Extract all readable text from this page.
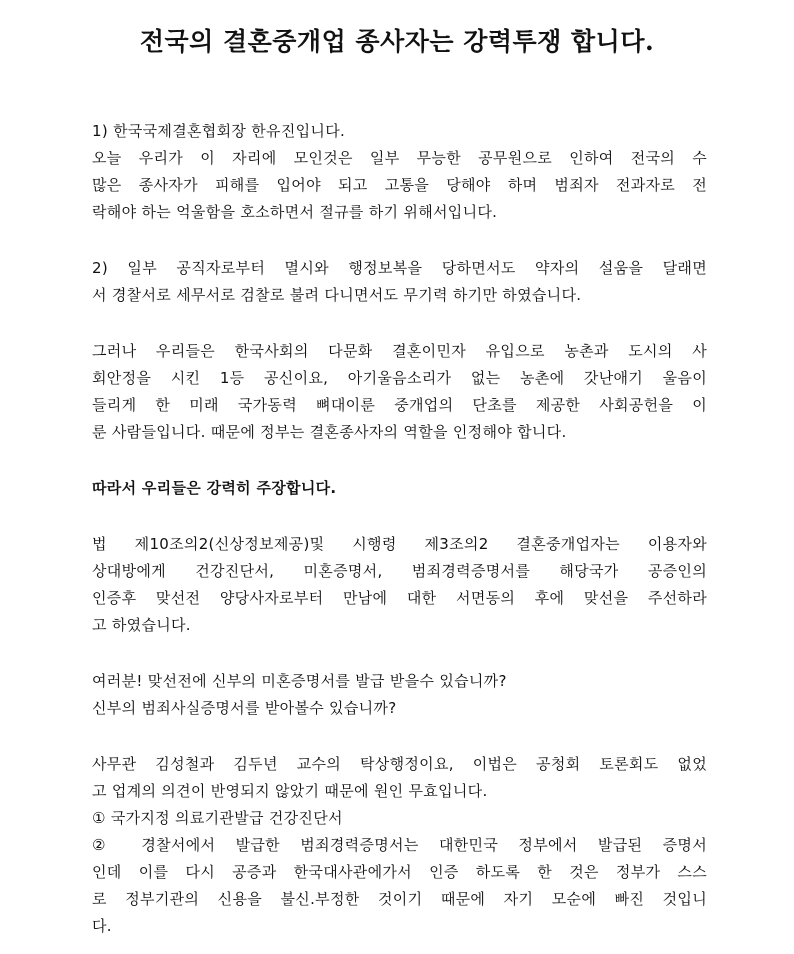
전국의 결혼중개업 종사자는 강력투쟁 합니다.

1) 한국국제결혼협회장 한유진입니다.
오늘 우리가 이 자리에 모인것은 일부 무능한 공무원으로 인하여 전국의 수
많은 종사자가 피해를 입어야 되고 고통을 당해야 하며 범죄자 전과자로 전
락해야 하는 억울함을 호소하면서 절규를 하기 위해서입니다.

2) 일부 공직자로부터 멸시와 행정보복을 당하면서도 약자의 설움을 달래면
서 경찰서로 세무서로 검찰로 불려 다니면서도 무기력 하기만 하였습니다.

그러나 우리들은 한국사회의 다문화 결혼이민자 유입으로 농촌과 도시의 사
회안정을 시킨 1등 공신이요, 아기울음소리가 없는 농촌에 갓난애기 울음이
들리게 한 미래 국가동력 뼈대이룬 중개업의 단초를 제공한 사회공헌을 이
룬 사람들입니다. 때문에 정부는 결혼종사자의 역할을 인정해야 합니다.

따라서 우리들은 강력히 주장합니다.

법 제10조의2(신상정보제공)및 시행령 제3조의2 결혼중개업자는 이용자와
상대방에게 건강진단서, 미혼증명서, 범죄경력증명서를 해당국가 공증인의
인증후 맞선전 양당사자로부터 만남에 대한 서면동의 후에 맞선을 주선하라
고 하였습니다.

여러분! 맞선전에 신부의 미혼증명서를 발급 받을수 있습니까?
신부의 범죄사실증명서를 받아볼수 있습니까?

사무관 김성철과 김두년 교수의 탁상행정이요, 이법은 공청회 토론회도 없었
고 업계의 의견이 반영되지 않았기 때문에 원인 무효입니다.
① 국가지정 의료기관발급 건강진단서
② 경찰서에서 발급한 범죄경력증명서는 대한민국 정부에서 발급된 증명서
인데 이를 다시 공증과 한국대사관에가서 인증 하도록 한 것은 정부가 스스
로 정부기관의 신용을 불신.부정한 것이기 때문에 자기 모순에 빠진 것입니
다.
